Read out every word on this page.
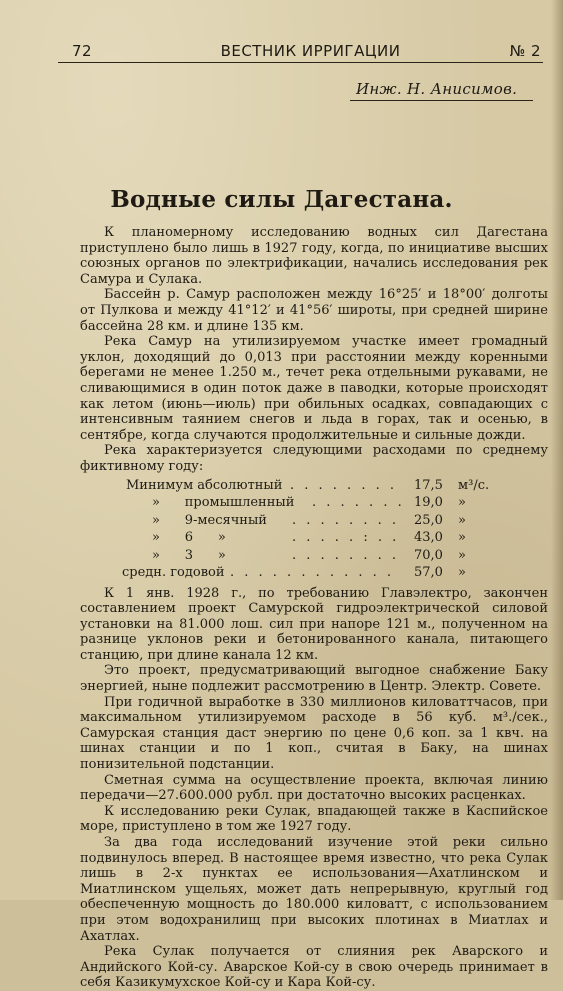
72	ВЕСТНИК ИРРИГАЦИИ	№ 2
Инж. Н. Анисимов.
Водные силы Дагестана.

К планомерному исследованию водных сил Дагестана приступлено было лишь в 1927 году, когда, по инициативе высших союзных органов по электрификации, начались исследования рек Самура и Сулака.

Бассейн р. Самур расположен между 16°25′ и 18°00′ долготы от Пулкова и между 41°12′ и 41°56′ широты, при средней ширине бассейна 28 км. и длине 135 км.

Река Самур на утилизируемом участке имеет громадный уклон, доходящий до 0,013 при расстоянии между коренными берегами не менее 1.250 м., течет река отдельными рукавами, не сливающимися в один поток даже в паводки, которые происходят как летом (июнь—июль) при обильных осадках, совпадающих с интенсивным таянием снегов и льда в горах, так и осенью, в сентябре, когда случаются продолжительные и сильные дожди.

Река характеризуется следующими расходами по среднему фиктивному году:

Минимум абсолютный . . . . . . . . 17,5 м³/с.
»      промышленный . . . . . . . 19,0 »
»      9-месячный . . . . . . . . 25,0 »
»      6      »	. . . . . : . . 43,0 »
»      3      »	. . . . . . . . 70,0 »
средн. годовой . . . . . . . . . . . . 57,0 »

К 1 янв. 1928 г., по требованию Главэлектро, закончен составлением проект Самурской гидроэлектрической силовой установки на 81.000 лош. сил при напоре 121 м., полученном на разнице уклонов реки и бетонированного канала, питающего станцию, при длине канала 12 км.

Это проект, предусматривающий выгодное снабжение Баку энергией, ныне подлежит рассмотрению в Центр. Электр. Совете.

При годичной выработке в 330 миллионов киловаттчасов, при максимальном утилизируемом расходе в 56 куб. м³./сек., Самурская станция даст энергию по цене 0,6 коп. за 1 квч. на шинах станции и по 1 коп., считая в Баку, на шинах понизительной подстанции.

Сметная сумма на осуществление проекта, включая линию передачи—27.600.000 рубл. при достаточно высоких расценках.

К исследованию реки Сулак, впадающей также в Каспийское море, приступлено в том же 1927 году.

За два года исследований изучение этой реки сильно подвинулось вперед. В настоящее время известно, что река Сулак лишь в 2-х пунктах ее использования—Ахатлинском и Миатлинском ущельях, может дать непрерывную, круглый год обеспеченную мощность до 180.000 киловатт, с использованием при этом водохранилищ при высоких плотинах в Миатлах и Ахатлах.

Река Сулак получается от слияния рек Аварского и Андийского Кой-су. Аварское Кой-су в свою очередь принимает в себя Казикумухское Кой-су и Кара Кой-су.
